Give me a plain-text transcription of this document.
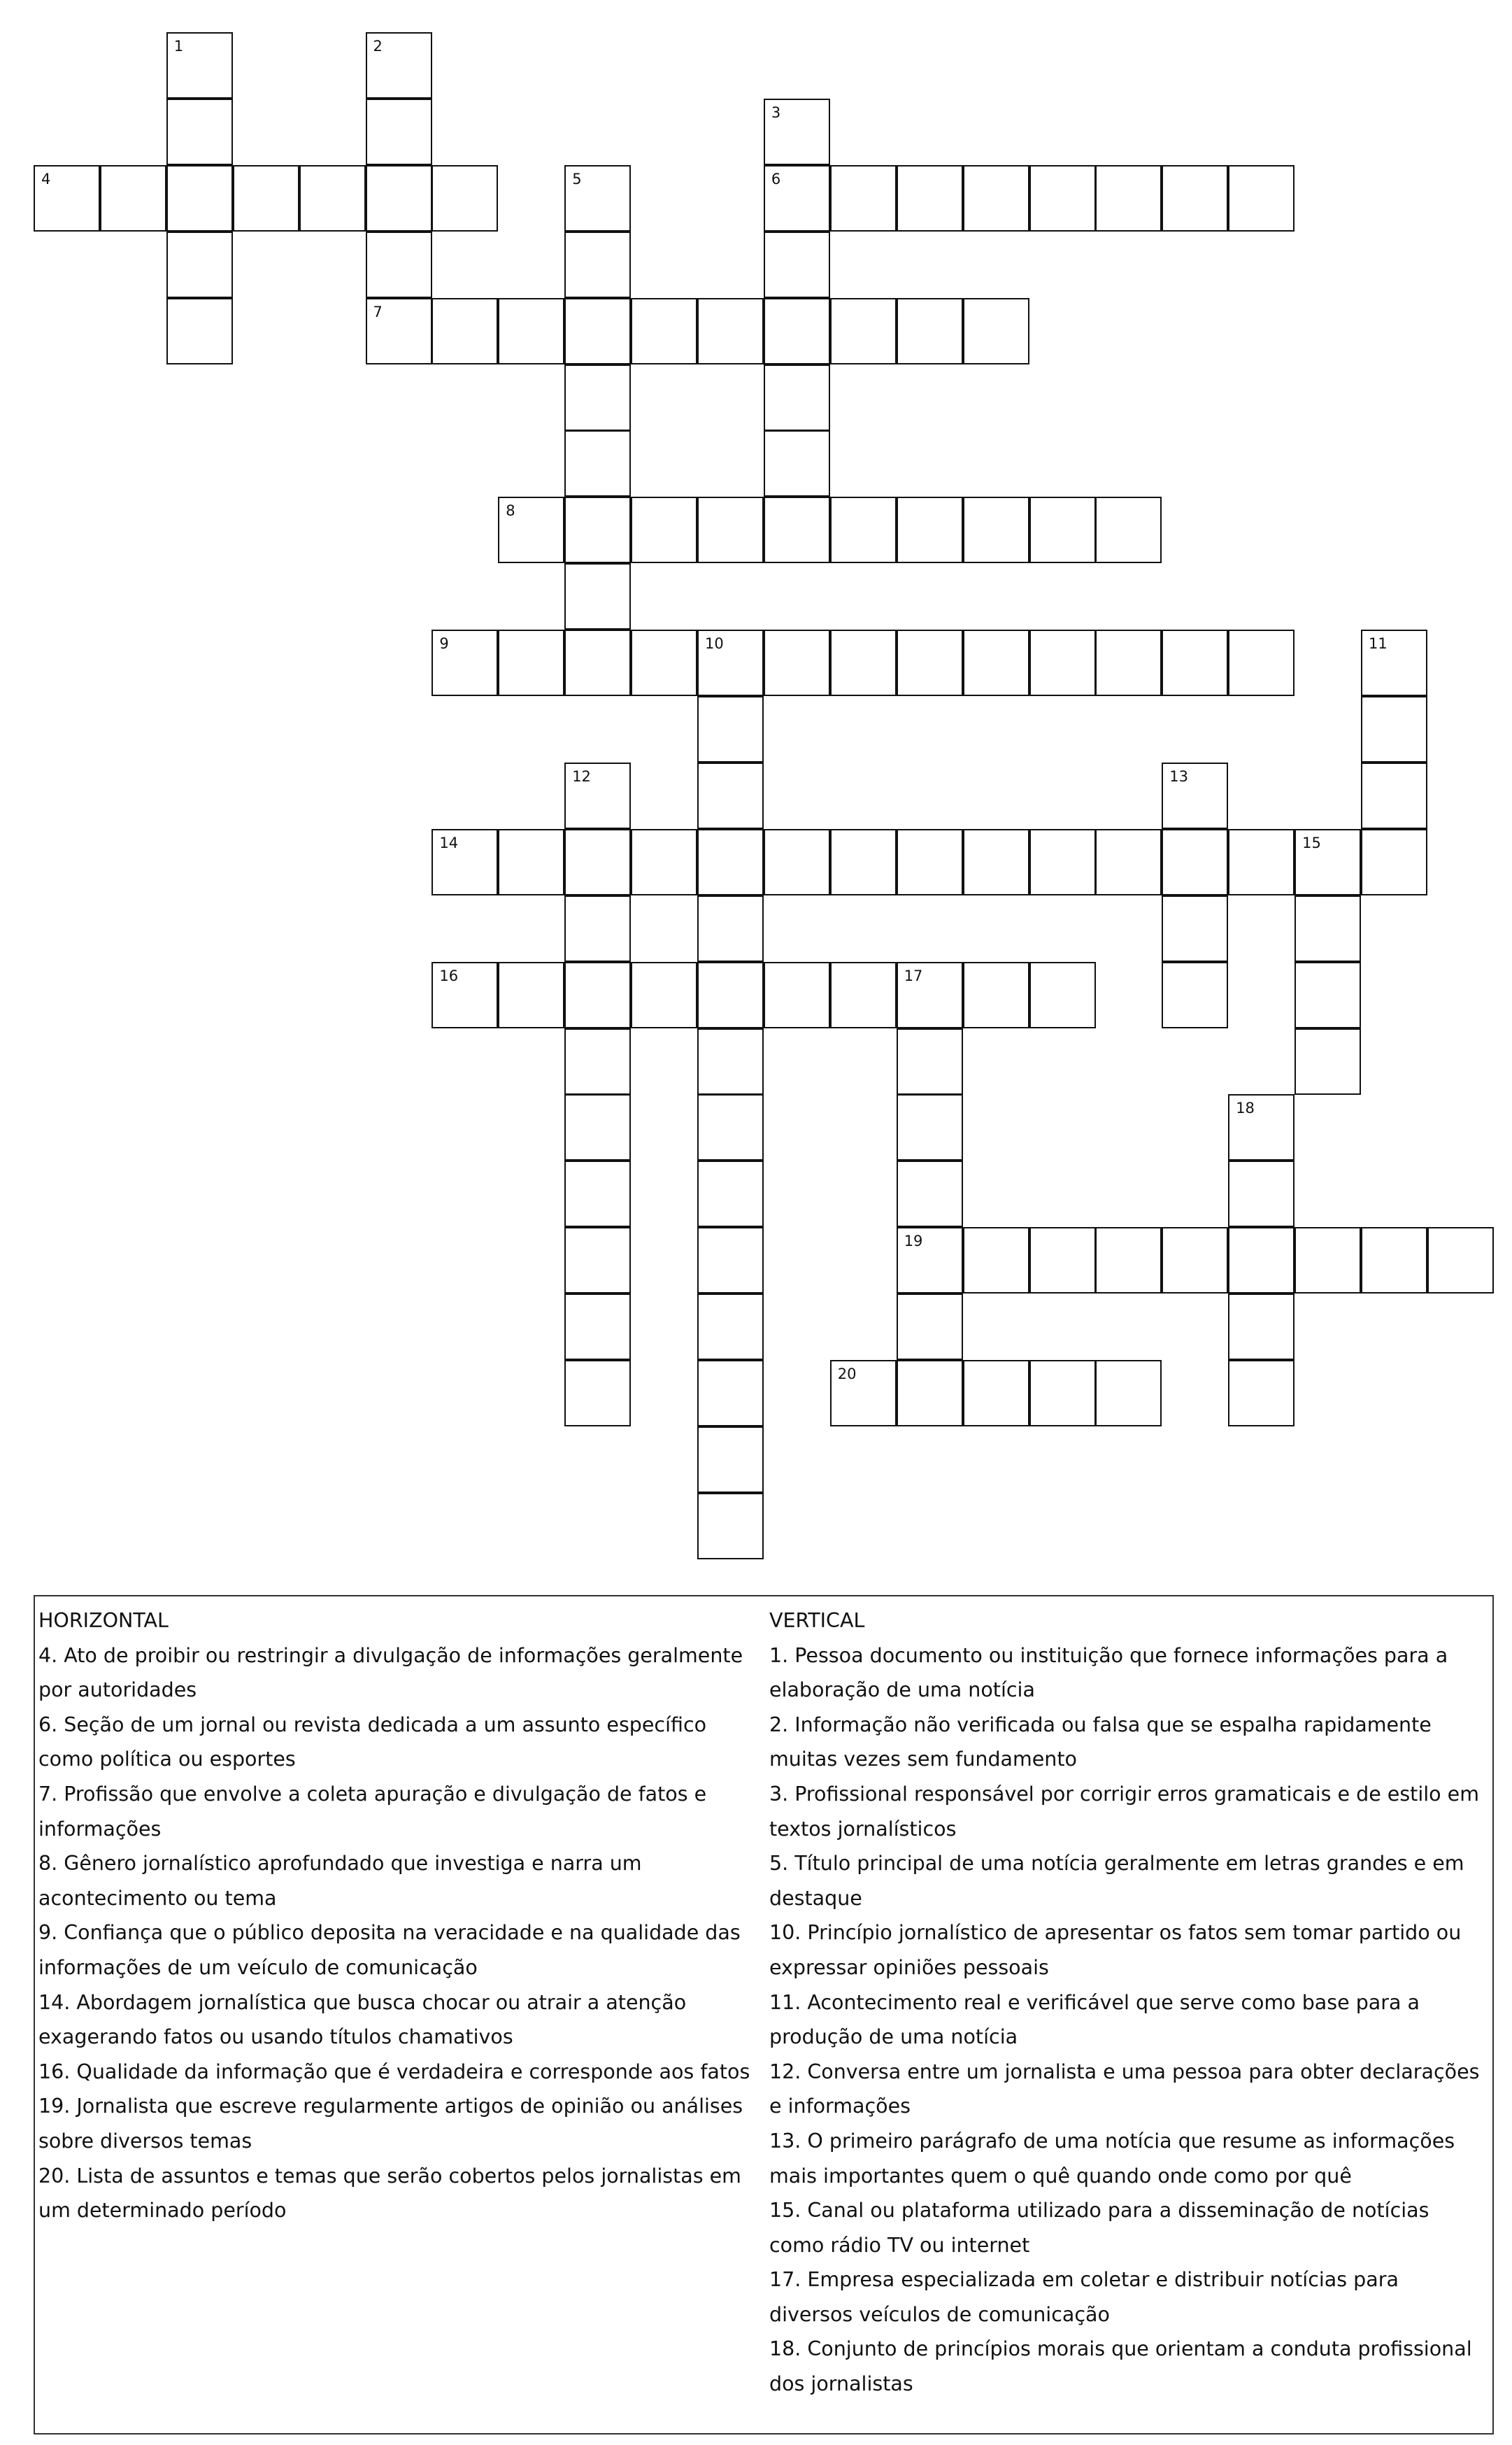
1	2
3
4	5	6
7
8
9	10	11
12	13
14	15
16	17
18
19
20

HORIZONTAL

4. Ato de proibir ou restringir a divulgação de informações geralmente por autoridades

6. Seção de um jornal ou revista dedicada a um assunto específico como política ou esportes

7. Profissão que envolve a coleta apuração e divulgação de fatos e informações

8. Gênero jornalístico aprofundado que investiga e narra um acontecimento ou tema

9. Confiança que o público deposita na veracidade e na qualidade das informações de um veículo de comunicação

14. Abordagem jornalística que busca chocar ou atrair a atenção exagerando fatos ou usando títulos chamativos

16. Qualidade da informação que é verdadeira e corresponde aos fatos

19. Jornalista que escreve regularmente artigos de opinião ou análises sobre diversos temas

20. Lista de assuntos e temas que serão cobertos pelos jornalistas em um determinado período

VERTICAL

1. Pessoa documento ou instituição que fornece informações para a elaboração de uma notícia

2. Informação não verificada ou falsa que se espalha rapidamente muitas vezes sem fundamento

3. Profissional responsável por corrigir erros gramaticais e de estilo em textos jornalísticos

5. Título principal de uma notícia geralmente em letras grandes e em destaque

10. Princípio jornalístico de apresentar os fatos sem tomar partido ou expressar opiniões pessoais

11. Acontecimento real e verificável que serve como base para a produção de uma notícia

12. Conversa entre um jornalista e uma pessoa para obter declarações e informações

13. O primeiro parágrafo de uma notícia que resume as informações mais importantes quem o quê quando onde como por quê

15. Canal ou plataforma utilizado para a disseminação de notícias como rádio TV ou internet

17. Empresa especializada em coletar e distribuir notícias para diversos veículos de comunicação

18. Conjunto de princípios morais que orientam a conduta profissional dos jornalistas
